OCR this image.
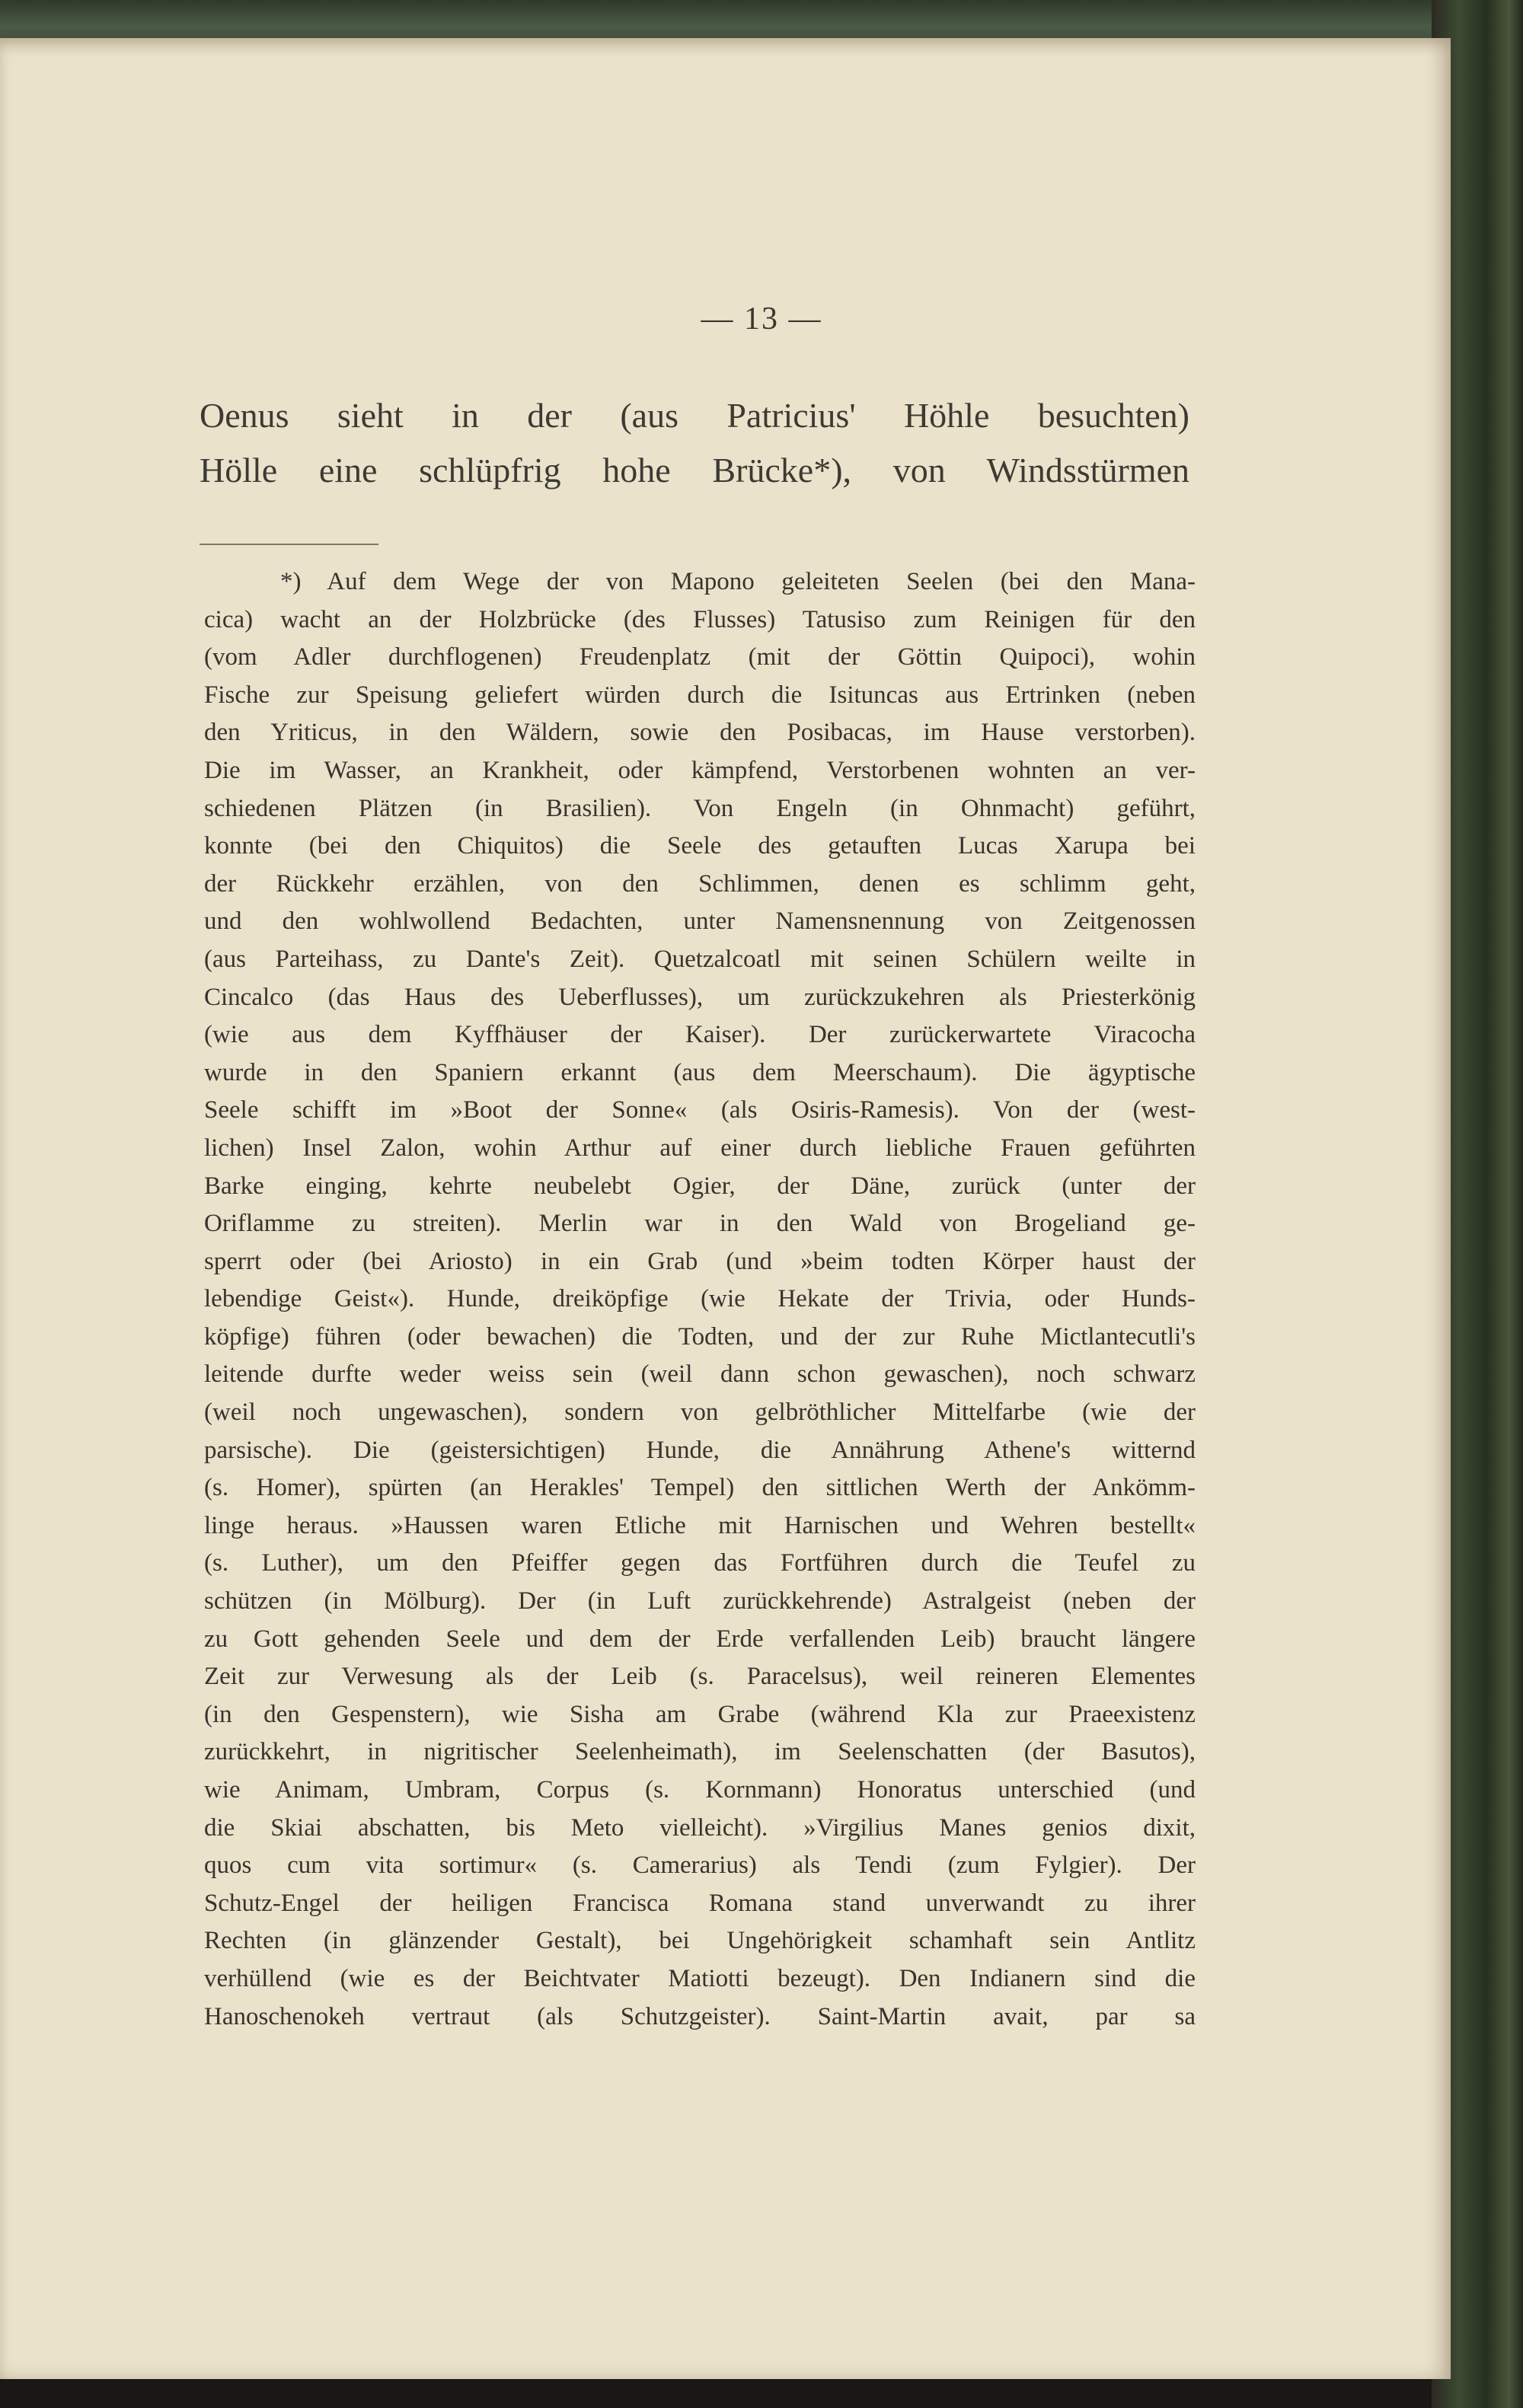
— 13 —
Oenus sieht in der (aus Patricius' Höhle besuchten)
Hölle eine schlüpfrig hohe Brücke*), von Windsstürmen
*) Auf dem Wege der von Mapono geleiteten Seelen (bei den Mana-
cica) wacht an der Holzbrücke (des Flusses) Tatusiso zum Reinigen für den
(vom Adler durchflogenen) Freudenplatz (mit der Göttin Quipoci), wohin
Fische zur Speisung geliefert würden durch die Isituncas aus Ertrinken (neben
den Yriticus, in den Wäldern, sowie den Posibacas, im Hause verstorben).
Die im Wasser, an Krankheit, oder kämpfend, Verstorbenen wohnten an ver-
schiedenen Plätzen (in Brasilien). Von Engeln (in Ohnmacht) geführt,
konnte (bei den Chiquitos) die Seele des getauften Lucas Xarupa bei
der Rückkehr erzählen, von den Schlimmen, denen es schlimm geht,
und den wohlwollend Bedachten, unter Namensnennung von Zeitgenossen
(aus Parteihass, zu Dante's Zeit). Quetzalcoatl mit seinen Schülern weilte in
Cincalco (das Haus des Ueberflusses), um zurückzukehren als Priesterkönig
(wie aus dem Kyffhäuser der Kaiser). Der zurückerwartete Viracocha
wurde in den Spaniern erkannt (aus dem Meerschaum). Die ägyptische
Seele schifft im »Boot der Sonne« (als Osiris-Ramesis). Von der (west-
lichen) Insel Zalon, wohin Arthur auf einer durch liebliche Frauen geführten
Barke einging, kehrte neubelebt Ogier, der Däne, zurück (unter der
Oriflamme zu streiten). Merlin war in den Wald von Brogeliand ge-
sperrt oder (bei Ariosto) in ein Grab (und »beim todten Körper haust der
lebendige Geist«). Hunde, dreiköpfige (wie Hekate der Trivia, oder Hunds-
köpfige) führen (oder bewachen) die Todten, und der zur Ruhe Mictlantecutli's
leitende durfte weder weiss sein (weil dann schon gewaschen), noch schwarz
(weil noch ungewaschen), sondern von gelbröthlicher Mittelfarbe (wie der
parsische). Die (geistersichtigen) Hunde, die Annährung Athene's witternd
(s. Homer), spürten (an Herakles' Tempel) den sittlichen Werth der Ankömm-
linge heraus. »Haussen waren Etliche mit Harnischen und Wehren bestellt«
(s. Luther), um den Pfeiffer gegen das Fortführen durch die Teufel zu
schützen (in Mölburg). Der (in Luft zurückkehrende) Astralgeist (neben der
zu Gott gehenden Seele und dem der Erde verfallenden Leib) braucht längere
Zeit zur Verwesung als der Leib (s. Paracelsus), weil reineren Elementes
(in den Gespenstern), wie Sisha am Grabe (während Kla zur Praeexistenz
zurückkehrt, in nigritischer Seelenheimath), im Seelenschatten (der Basutos),
wie Animam, Umbram, Corpus (s. Kornmann) Honoratus unterschied (und
die Skiai abschatten, bis Meto vielleicht). »Virgilius Manes genios dixit,
quos cum vita sortimur« (s. Camerarius) als Tendi (zum Fylgier). Der
Schutz-Engel der heiligen Francisca Romana stand unverwandt zu ihrer
Rechten (in glänzender Gestalt), bei Ungehörigkeit schamhaft sein Antlitz
verhüllend (wie es der Beichtvater Matiotti bezeugt). Den Indianern sind die
Hanoschenokeh vertraut (als Schutzgeister). Saint-Martin avait, par sa
